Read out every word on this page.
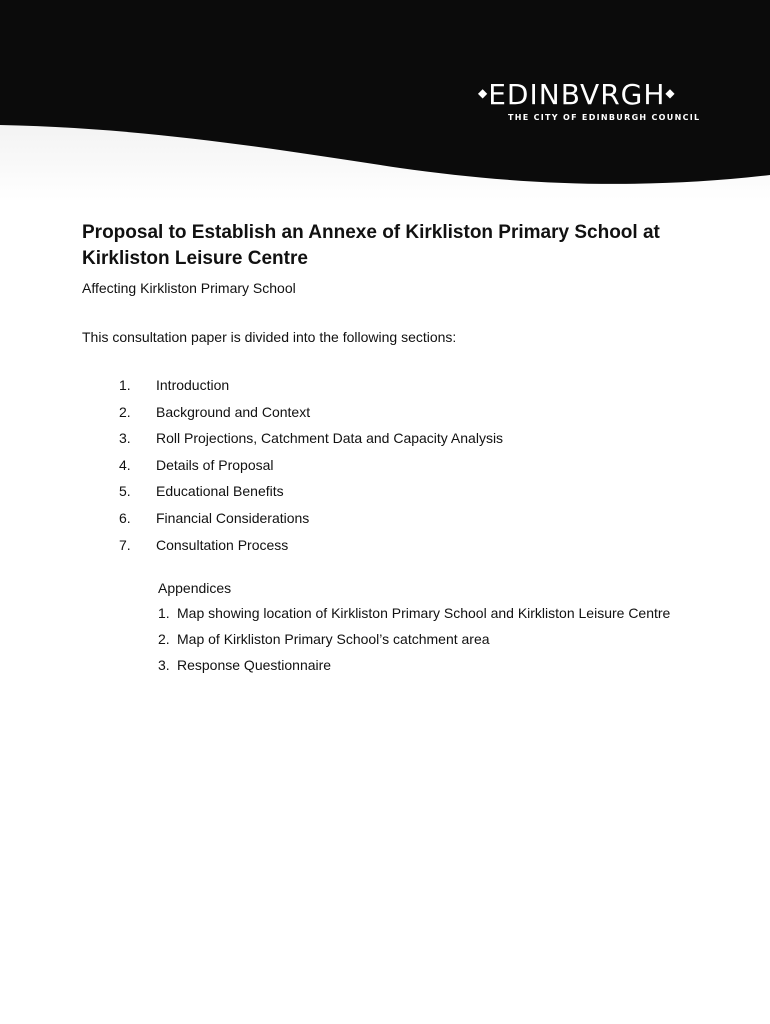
◆EDINBVRGH◆
THE CITY OF EDINBURGH COUNCIL
Proposal to Establish an Annexe of Kirkliston Primary School at Kirkliston Leisure Centre
Affecting Kirkliston Primary School
This consultation paper is divided into the following sections:
1.	Introduction
2.	Background and Context
3.	Roll Projections, Catchment Data and Capacity Analysis
4.	Details of Proposal
5.	Educational Benefits
6.	Financial Considerations
7.	Consultation Process
Appendices
1. Map showing location of Kirkliston Primary School and Kirkliston Leisure Centre
2. Map of Kirkliston Primary School’s catchment area
3. Response Questionnaire
